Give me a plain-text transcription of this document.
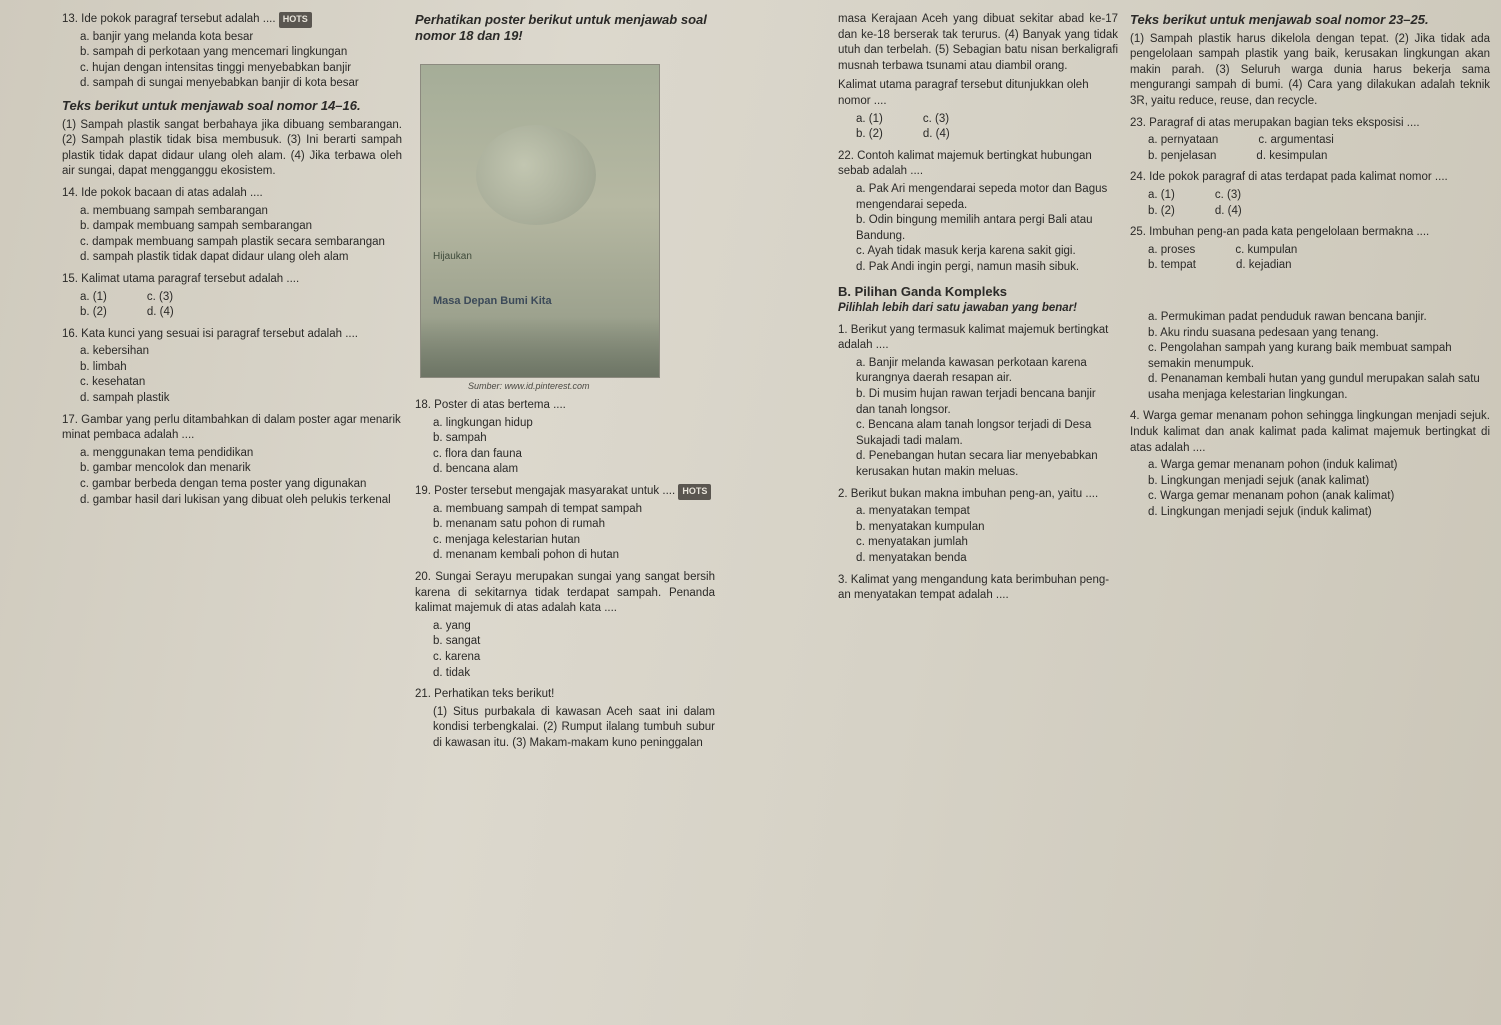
13. Ide pokok paragraf tersebut adalah .... HOTS
a. banjir yang melanda kota besar
b. sampah di perkotaan yang mencemari lingkungan
c. hujan dengan intensitas tinggi menyebabkan banjir
d. sampah di sungai menyebabkan banjir di kota besar
Teks berikut untuk menjawab soal nomor 14–16.
(1) Sampah plastik sangat berbahaya jika dibuang sembarangan. (2) Sampah plastik tidak bisa membusuk. (3) Ini berarti sampah plastik tidak dapat didaur ulang oleh alam. (4) Jika terbawa oleh air sungai, dapat mengganggu ekosistem.
14. Ide pokok bacaan di atas adalah ....
a. membuang sampah sembarangan
b. dampak membuang sampah sembarangan
c. dampak membuang sampah plastik secara sembarangan
d. sampah plastik tidak dapat didaur ulang oleh alam
15. Kalimat utama paragraf tersebut adalah ....
a. (1)	c. (3)
b. (2)	d. (4)
16. Kata kunci yang sesuai isi paragraf tersebut adalah ....
a. kebersihan
b. limbah
c. kesehatan
d. sampah plastik
17. Gambar yang perlu ditambahkan di dalam poster agar menarik minat pembaca adalah ....
a. menggunakan tema pendidikan
b. gambar mencolok dan menarik
c. gambar berbeda dengan tema poster yang digunakan
d. gambar hasil dari lukisan yang dibuat oleh pelukis terkenal
Perhatikan poster berikut untuk menjawab soal nomor 18 dan 19!
Hijaukan
Masa Depan Bumi Kita
Sumber: www.id.pinterest.com
18. Poster di atas bertema ....
a. lingkungan hidup
b. sampah
c. flora dan fauna
d. bencana alam
19. Poster tersebut mengajak masyarakat untuk .... HOTS
a. membuang sampah di tempat sampah
b. menanam satu pohon di rumah
c. menjaga kelestarian hutan
d. menanam kembali pohon di hutan
20. Sungai Serayu merupakan sungai yang sangat bersih karena di sekitarnya tidak terdapat sampah. Penanda kalimat majemuk di atas adalah kata ....
a. yang
b. sangat
c. karena
d. tidak
21. Perhatikan teks berikut!
(1) Situs purbakala di kawasan Aceh saat ini dalam kondisi terbengkalai. (2) Rumput ilalang tumbuh subur di kawasan itu. (3) Makam-makam kuno peninggalan
masa Kerajaan Aceh yang dibuat sekitar abad ke-17 dan ke-18 berserak tak terurus. (4) Banyak yang tidak utuh dan terbelah. (5) Sebagian batu nisan berkaligrafi musnah terbawa tsunami atau diambil orang.
Kalimat utama paragraf tersebut ditunjukkan oleh nomor ....
a. (1)	c. (3)
b. (2)	d. (4)
22. Contoh kalimat majemuk bertingkat hubungan sebab adalah ....
a. Pak Ari mengendarai sepeda motor dan Bagus mengendarai sepeda.
b. Odin bingung memilih antara pergi Bali atau Bandung.
c. Ayah tidak masuk kerja karena sakit gigi.
d. Pak Andi ingin pergi, namun masih sibuk.
B. Pilihan Ganda Kompleks
Pilihlah lebih dari satu jawaban yang benar!
1. Berikut yang termasuk kalimat majemuk bertingkat adalah ....
a. Banjir melanda kawasan perkotaan karena kurangnya daerah resapan air.
b. Di musim hujan rawan terjadi bencana banjir dan tanah longsor.
c. Bencana alam tanah longsor terjadi di Desa Sukajadi tadi malam.
d. Penebangan hutan secara liar menyebabkan kerusakan hutan makin meluas.
2. Berikut bukan makna imbuhan peng-an, yaitu ....
a. menyatakan tempat
b. menyatakan kumpulan
c. menyatakan jumlah
d. menyatakan benda
3. Kalimat yang mengandung kata berimbuhan peng-an menyatakan tempat adalah ....
Teks berikut untuk menjawab soal nomor 23–25.
(1) Sampah plastik harus dikelola dengan tepat. (2) Jika tidak ada pengelolaan sampah plastik yang baik, kerusakan lingkungan akan makin parah. (3) Seluruh warga dunia harus bekerja sama mengurangi sampah di bumi. (4) Cara yang dilakukan adalah teknik 3R, yaitu reduce, reuse, dan recycle.
23. Paragraf di atas merupakan bagian teks eksposisi ....
a. pernyataan	c. argumentasi
b. penjelasan	d. kesimpulan
24. Ide pokok paragraf di atas terdapat pada kalimat nomor ....
a. (1)	c. (3)
b. (2)	d. (4)
25. Imbuhan peng-an pada kata pengelolaan bermakna ....
a. proses	c. kumpulan
b. tempat	d. kejadian
a. Permukiman padat penduduk rawan bencana banjir.
b. Aku rindu suasana pedesaan yang tenang.
c. Pengolahan sampah yang kurang baik membuat sampah semakin menumpuk.
d. Penanaman kembali hutan yang gundul merupakan salah satu usaha menjaga kelestarian lingkungan.
4. Warga gemar menanam pohon sehingga lingkungan menjadi sejuk. Induk kalimat dan anak kalimat pada kalimat majemuk bertingkat di atas adalah ....
a. Warga gemar menanam pohon (induk kalimat)
b. Lingkungan menjadi sejuk (anak kalimat)
c. Warga gemar menanam pohon (anak kalimat)
d. Lingkungan menjadi sejuk (induk kalimat)
